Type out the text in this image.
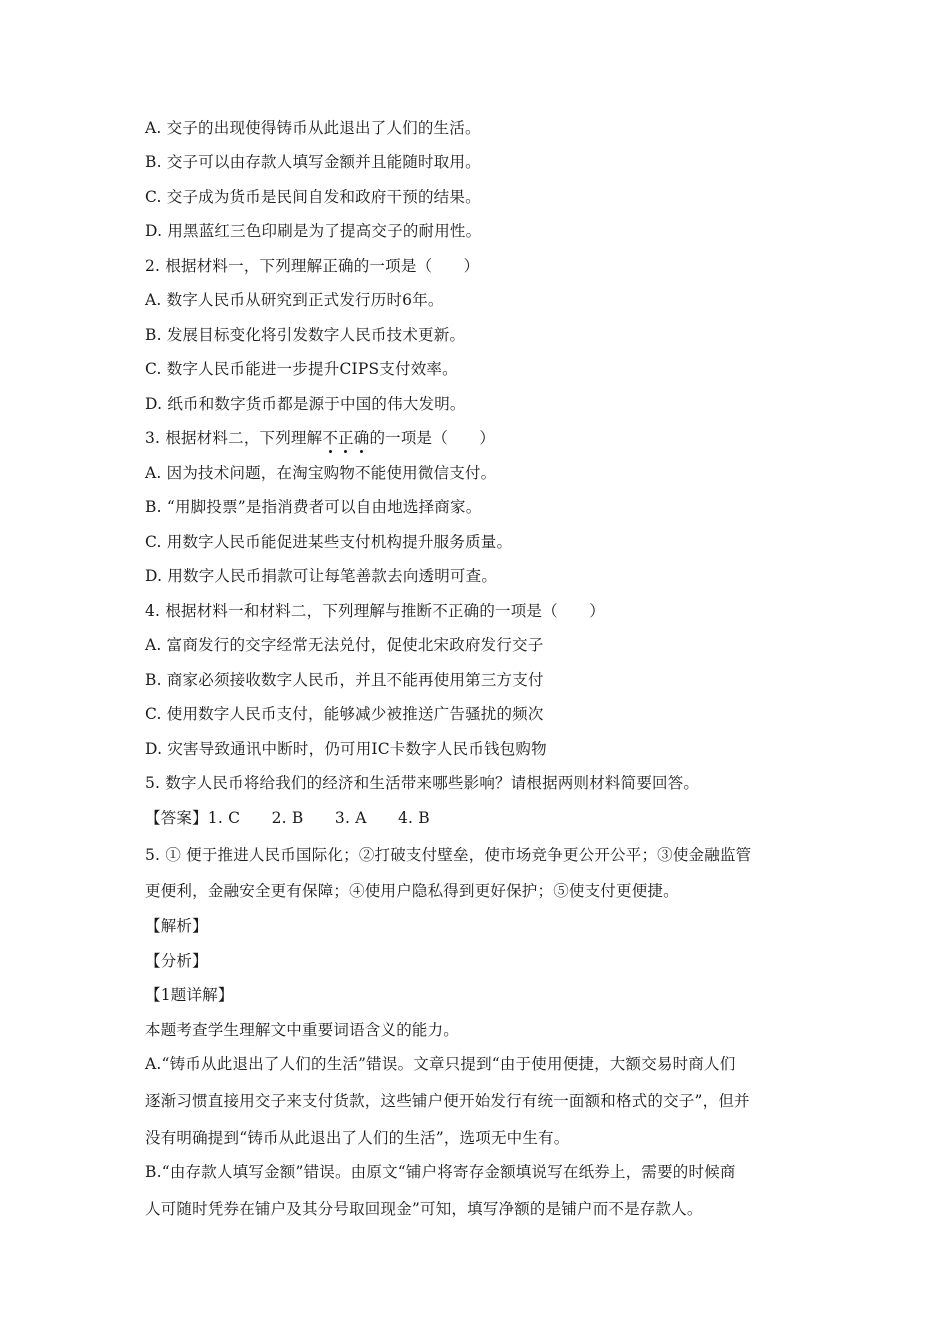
A. 交子的出现使得铸币从此退出了人们的生活。
B. 交子可以由存款人填写金额并且能随时取用。
C. 交子成为货币是民间自发和政府干预的结果。
D. 用黑蓝红三色印刷是为了提高交子的耐用性。
2. 根据材料一，下列理解正确的一项是（　　）
A. 数字人民币从研究到正式发行历时6年。
B. 发展目标变化将引发数字人民币技术更新。
C. 数字人民币能进一步提升CIPS支付效率。
D. 纸币和数字货币都是源于中国的伟大发明。
3. 根据材料二，下列理解不正确的一项是（　　）
A. 因为技术问题，在淘宝购物不能使用微信支付。
B. “用脚投票”是指消费者可以自由地选择商家。
C. 用数字人民币能促进某些支付机构提升服务质量。
D. 用数字人民币捐款可让每笔善款去向透明可查。
4. 根据材料一和材料二，下列理解与推断不正确的一项是（　　）
A. 富商发行的交字经常无法兑付，促使北宋政府发行交子
B. 商家必须接收数字人民币，并且不能再使用第三方支付
C. 使用数字人民币支付，能够减少被推送广告骚扰的频次
D. 灾害导致通讯中断时，仍可用IC卡数字人民币钱包购物
5. 数字人民币将给我们的经济和生活带来哪些影响？请根据两则材料简要回答。
【答案】1. C　　2. B　　3. A　　4. B
5. ① 便于推进人民币国际化；②打破支付壁垒，使市场竞争更公开公平；③使金融监管
更便利，金融安全更有保障；④使用户隐私得到更好保护；⑤使支付更便捷。
【解析】
【分析】
【1题详解】
本题考查学生理解文中重要词语含义的能力。
A.“铸币从此退出了人们的生活”错误。文章只提到“由于使用便捷，大额交易时商人们
逐渐习惯直接用交子来支付货款，这些铺户便开始发行有统一面额和格式的交子”，但并
没有明确提到“铸币从此退出了人们的生活”，选项无中生有。
B.“由存款人填写金额”错误。由原文“铺户将寄存金额填说写在纸券上，需要的时候商
人可随时凭券在铺户及其分号取回现金”可知，填写净额的是铺户而不是存款人。
